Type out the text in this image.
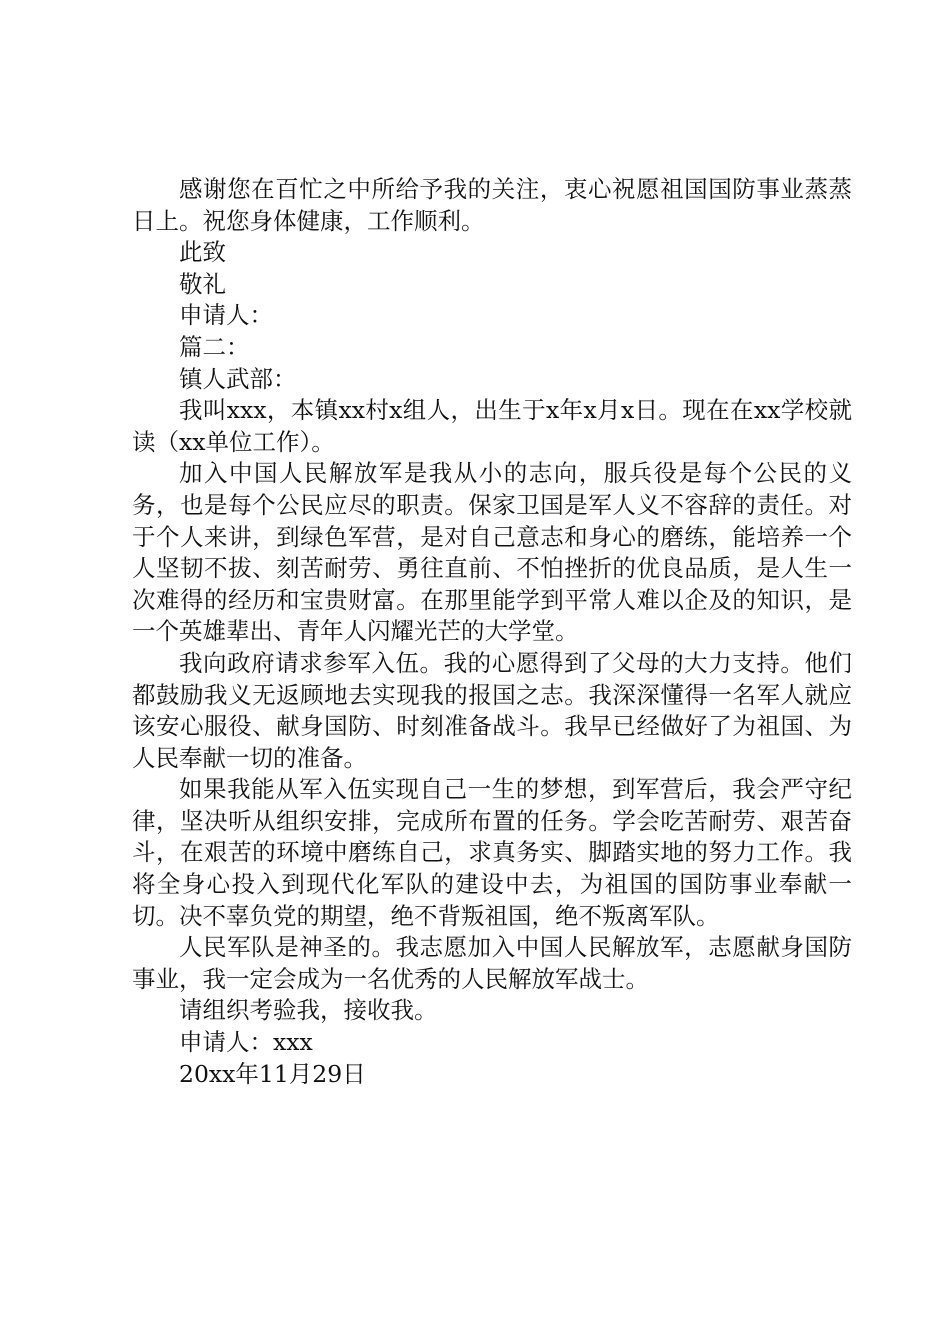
感谢您在百忙之中所给予我的关注，衷心祝愿祖国国防事业蒸蒸日上。祝您身体健康，工作顺利。

此致

敬礼

申请人：

篇二：

镇人武部：

我叫xxx，本镇xx村x组人，出生于x年x月x日。现在在xx学校就读（xx单位工作）。

加入中国人民解放军是我从小的志向，服兵役是每个公民的义务，也是每个公民应尽的职责。保家卫国是军人义不容辞的责任。对于个人来讲，到绿色军营，是对自己意志和身心的磨练，能培养一个人坚韧不拔、刻苦耐劳、勇往直前、不怕挫折的优良品质，是人生一次难得的经历和宝贵财富。在那里能学到平常人难以企及的知识，是一个英雄辈出、青年人闪耀光芒的大学堂。

我向政府请求参军入伍。我的心愿得到了父母的大力支持。他们都鼓励我义无返顾地去实现我的报国之志。我深深懂得一名军人就应该安心服役、献身国防、时刻准备战斗。我早已经做好了为祖国、为人民奉献一切的准备。

如果我能从军入伍实现自己一生的梦想，到军营后，我会严守纪律，坚决听从组织安排，完成所布置的任务。学会吃苦耐劳、艰苦奋斗，在艰苦的环境中磨练自己，求真务实、脚踏实地的努力工作。我将全身心投入到现代化军队的建设中去，为祖国的国防事业奉献一切。决不辜负党的期望，绝不背叛祖国，绝不叛离军队。

人民军队是神圣的。我志愿加入中国人民解放军，志愿献身国防事业，我一定会成为一名优秀的人民解放军战士。

请组织考验我，接收我。

申请人：xxx

20xx年11月29日
